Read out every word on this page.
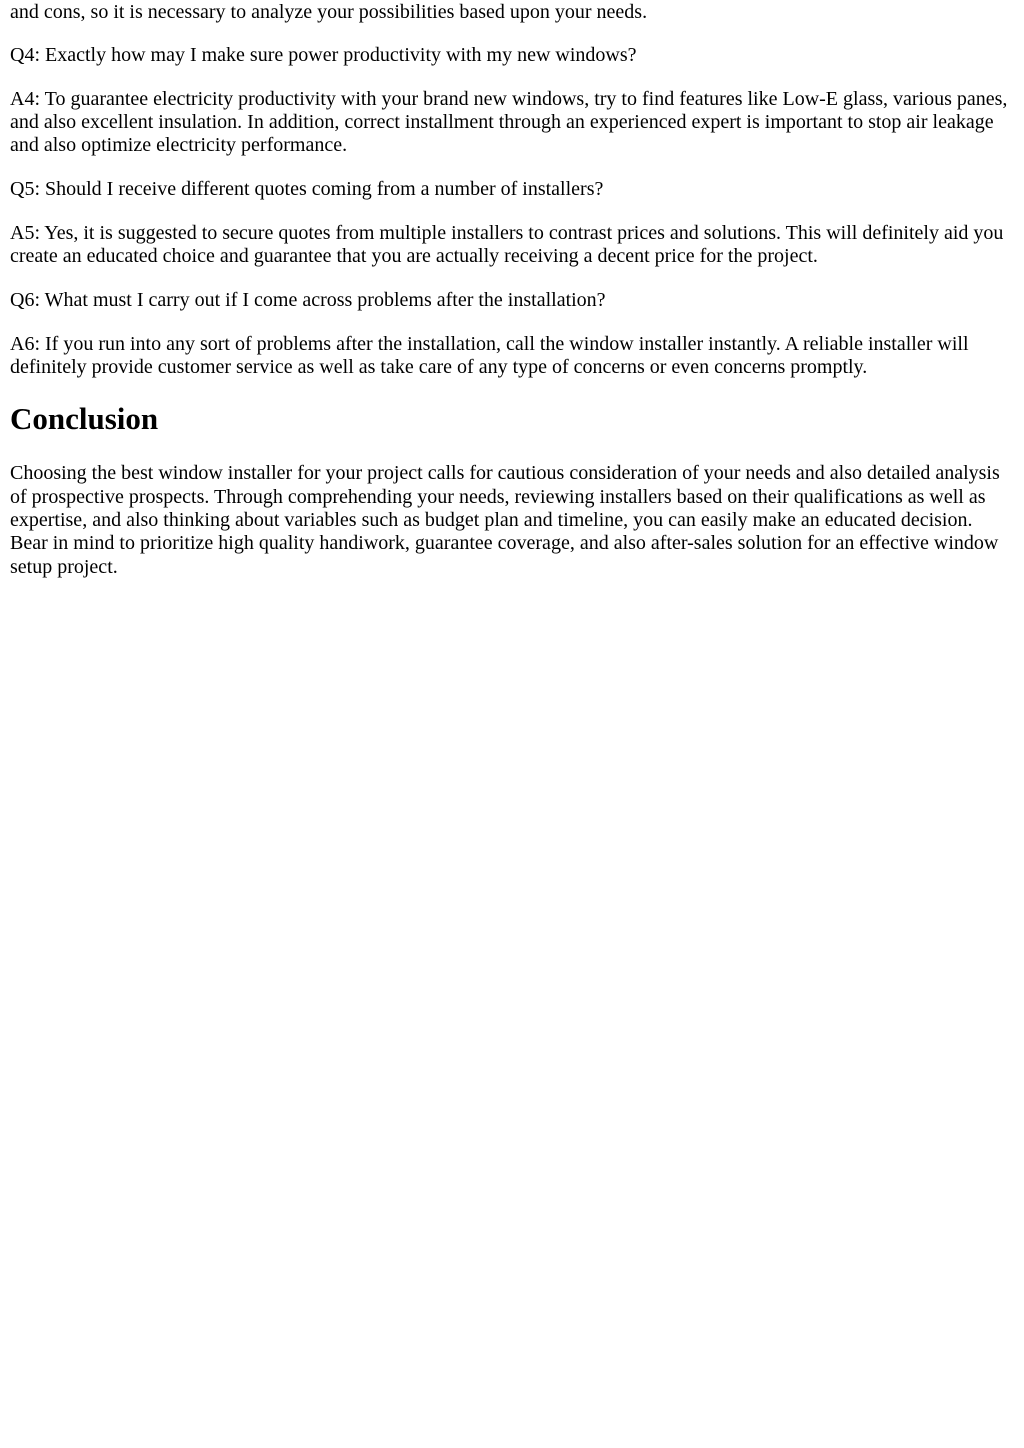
and cons, so it is necessary to analyze your possibilities based upon your needs.

Q4: Exactly how may I make sure power productivity with my new windows?

A4: To guarantee electricity productivity with your brand new windows, try to find features like Low-E glass, various panes, and also excellent insulation. In addition, correct installment through an experienced expert is important to stop air leakage and also optimize electricity performance.

Q5: Should I receive different quotes coming from a number of installers?

A5: Yes, it is suggested to secure quotes from multiple installers to contrast prices and solutions. This will definitely aid you create an educated choice and guarantee that you are actually receiving a decent price for the project.

Q6: What must I carry out if I come across problems after the installation?

A6: If you run into any sort of problems after the installation, call the window installer instantly. A reliable installer will definitely provide customer service as well as take care of any type of concerns or even concerns promptly.

Conclusion

Choosing the best window installer for your project calls for cautious consideration of your needs and also detailed analysis of prospective prospects. Through comprehending your needs, reviewing installers based on their qualifications as well as expertise, and also thinking about variables such as budget plan and timeline, you can easily make an educated decision. Bear in mind to prioritize high quality handiwork, guarantee coverage, and also after-sales solution for an effective window setup project.
